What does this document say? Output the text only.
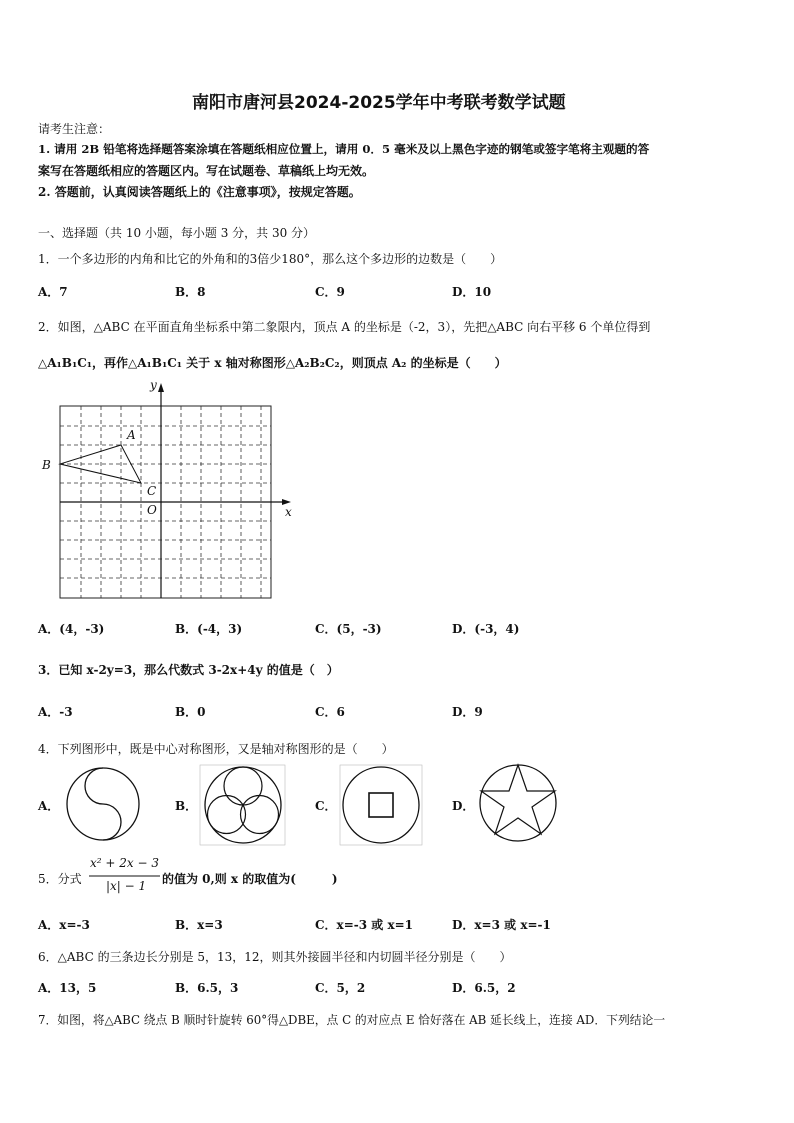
南阳市唐河县2024-2025学年中考联考数学试题
请考生注意：
1. 请用 2B 铅笔将选择题答案涂填在答题纸相应位置上，请用 0．5 毫米及以上黑色字迹的钢笔或签字笔将主观题的答
案写在答题纸相应的答题区内。写在试题卷、草稿纸上均无效。
2. 答题前，认真阅读答题纸上的《注意事项》，按规定答题。
一、选择题（共 10 小题，每小题 3 分，共 30 分）
1．一个多边形的内角和比它的外角和的3倍少180°，那么这个多边形的边数是（　　）
A．7	B．8	C．9	D．10
2．如图，△ABC 在平面直角坐标系中第二象限内，顶点 A 的坐标是（-2，3），先把△ABC 向右平移 6 个单位得到
△A₁B₁C₁，再作△A₁B₁C₁ 关于 x 轴对称图形△A₂B₂C₂，则顶点 A₂ 的坐标是（　　）
y
x
A
B
C
O
A．(4，-3)	B．(-4，3)	C．(5，-3)	D．(-3，4)
3．已知 x-2y=3，那么代数式 3-2x+4y 的值是（　）
A．-3	B．0	C．6	D．9
4．下列图形中，既是中心对称图形，又是轴对称图形的是（　　）
A．	B．	C．	D．
5．分式
x² + 2x − 3
|x| − 1 的值为 0,则 x 的取值为(　　　)
A．x=-3	B．x=3	C．x=-3 或 x=1	D．x=3 或 x=-1
6．△ABC 的三条边长分别是 5，13，12，则其外接圆半径和内切圆半径分别是（　　）
A．13，5	B．6.5，3	C．5，2	D．6.5，2
7．如图，将△ABC 绕点 B 顺时针旋转 60°得△DBE，点 C 的对应点 E 恰好落在 AB 延长线上，连接 AD．下列结论一
